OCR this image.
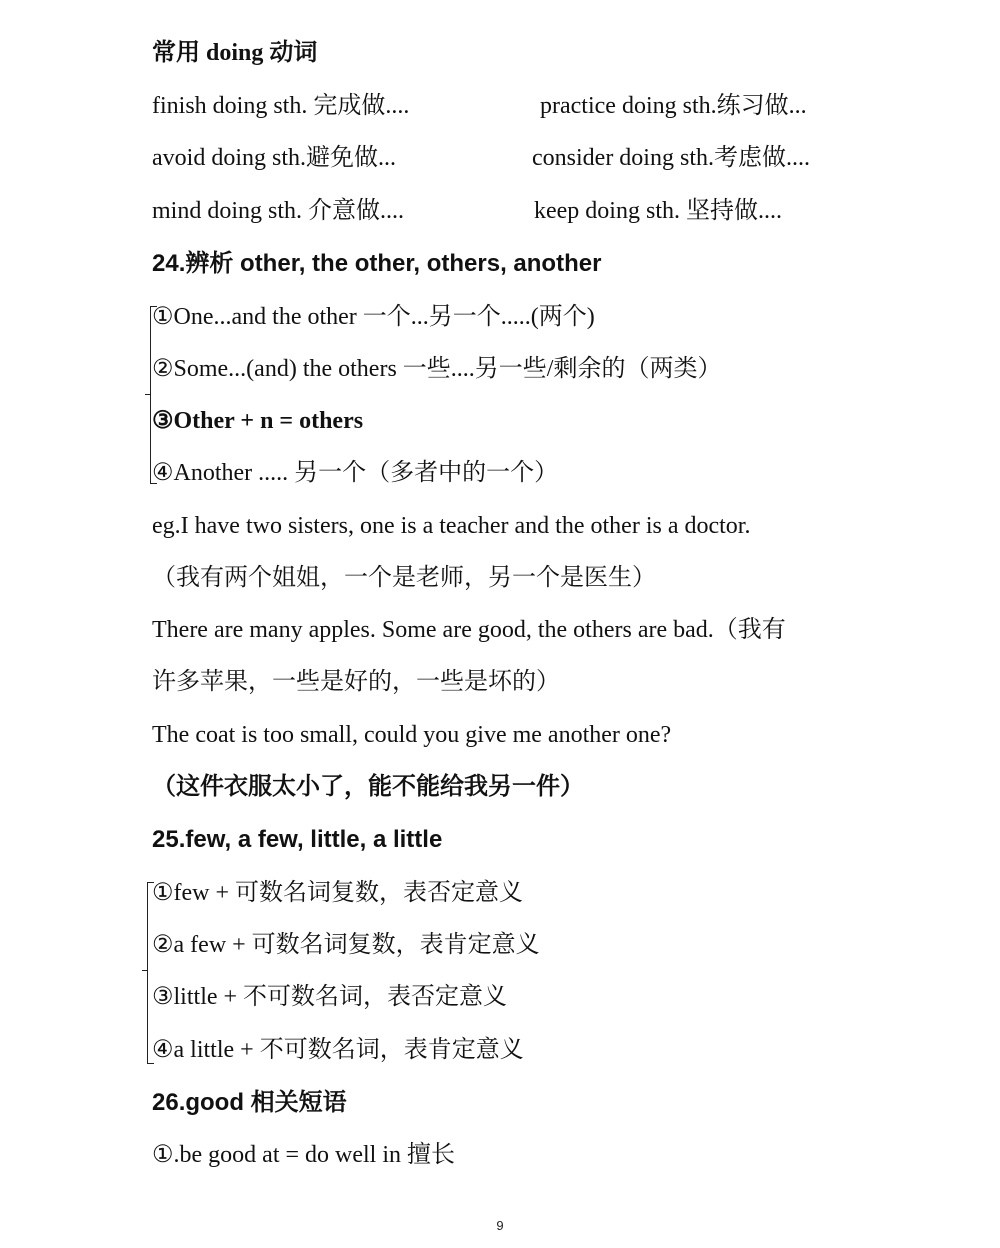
常用 doing 动词
finish doing sth. 完成做....	practice doing sth.练习做...
avoid doing sth.避免做...	consider doing sth.考虑做....
mind doing sth. 介意做....	keep doing sth. 坚持做....
24.辨析 other, the other, others, another
①One...and the other 一个...另一个.....(两个)
②Some...(and) the others 一些....另一些/剩余的（两类）
③Other + n = others
④Another ..... 另一个（多者中的一个）
eg.I have two sisters, one is a teacher and the other is a doctor.
（我有两个姐姐，一个是老师，另一个是医生）
There are many apples. Some are good, the others are bad.（我有
许多苹果，一些是好的，一些是坏的）
The coat is too small, could you give me another one?
（这件衣服太小了，能不能给我另一件）
25.few, a few, little, a little
①few + 可数名词复数，表否定意义
②a few + 可数名词复数，表肯定意义
③little + 不可数名词，表否定意义
④a little + 不可数名词，表肯定意义
26.good 相关短语
①.be good at = do well in 擅长
9
